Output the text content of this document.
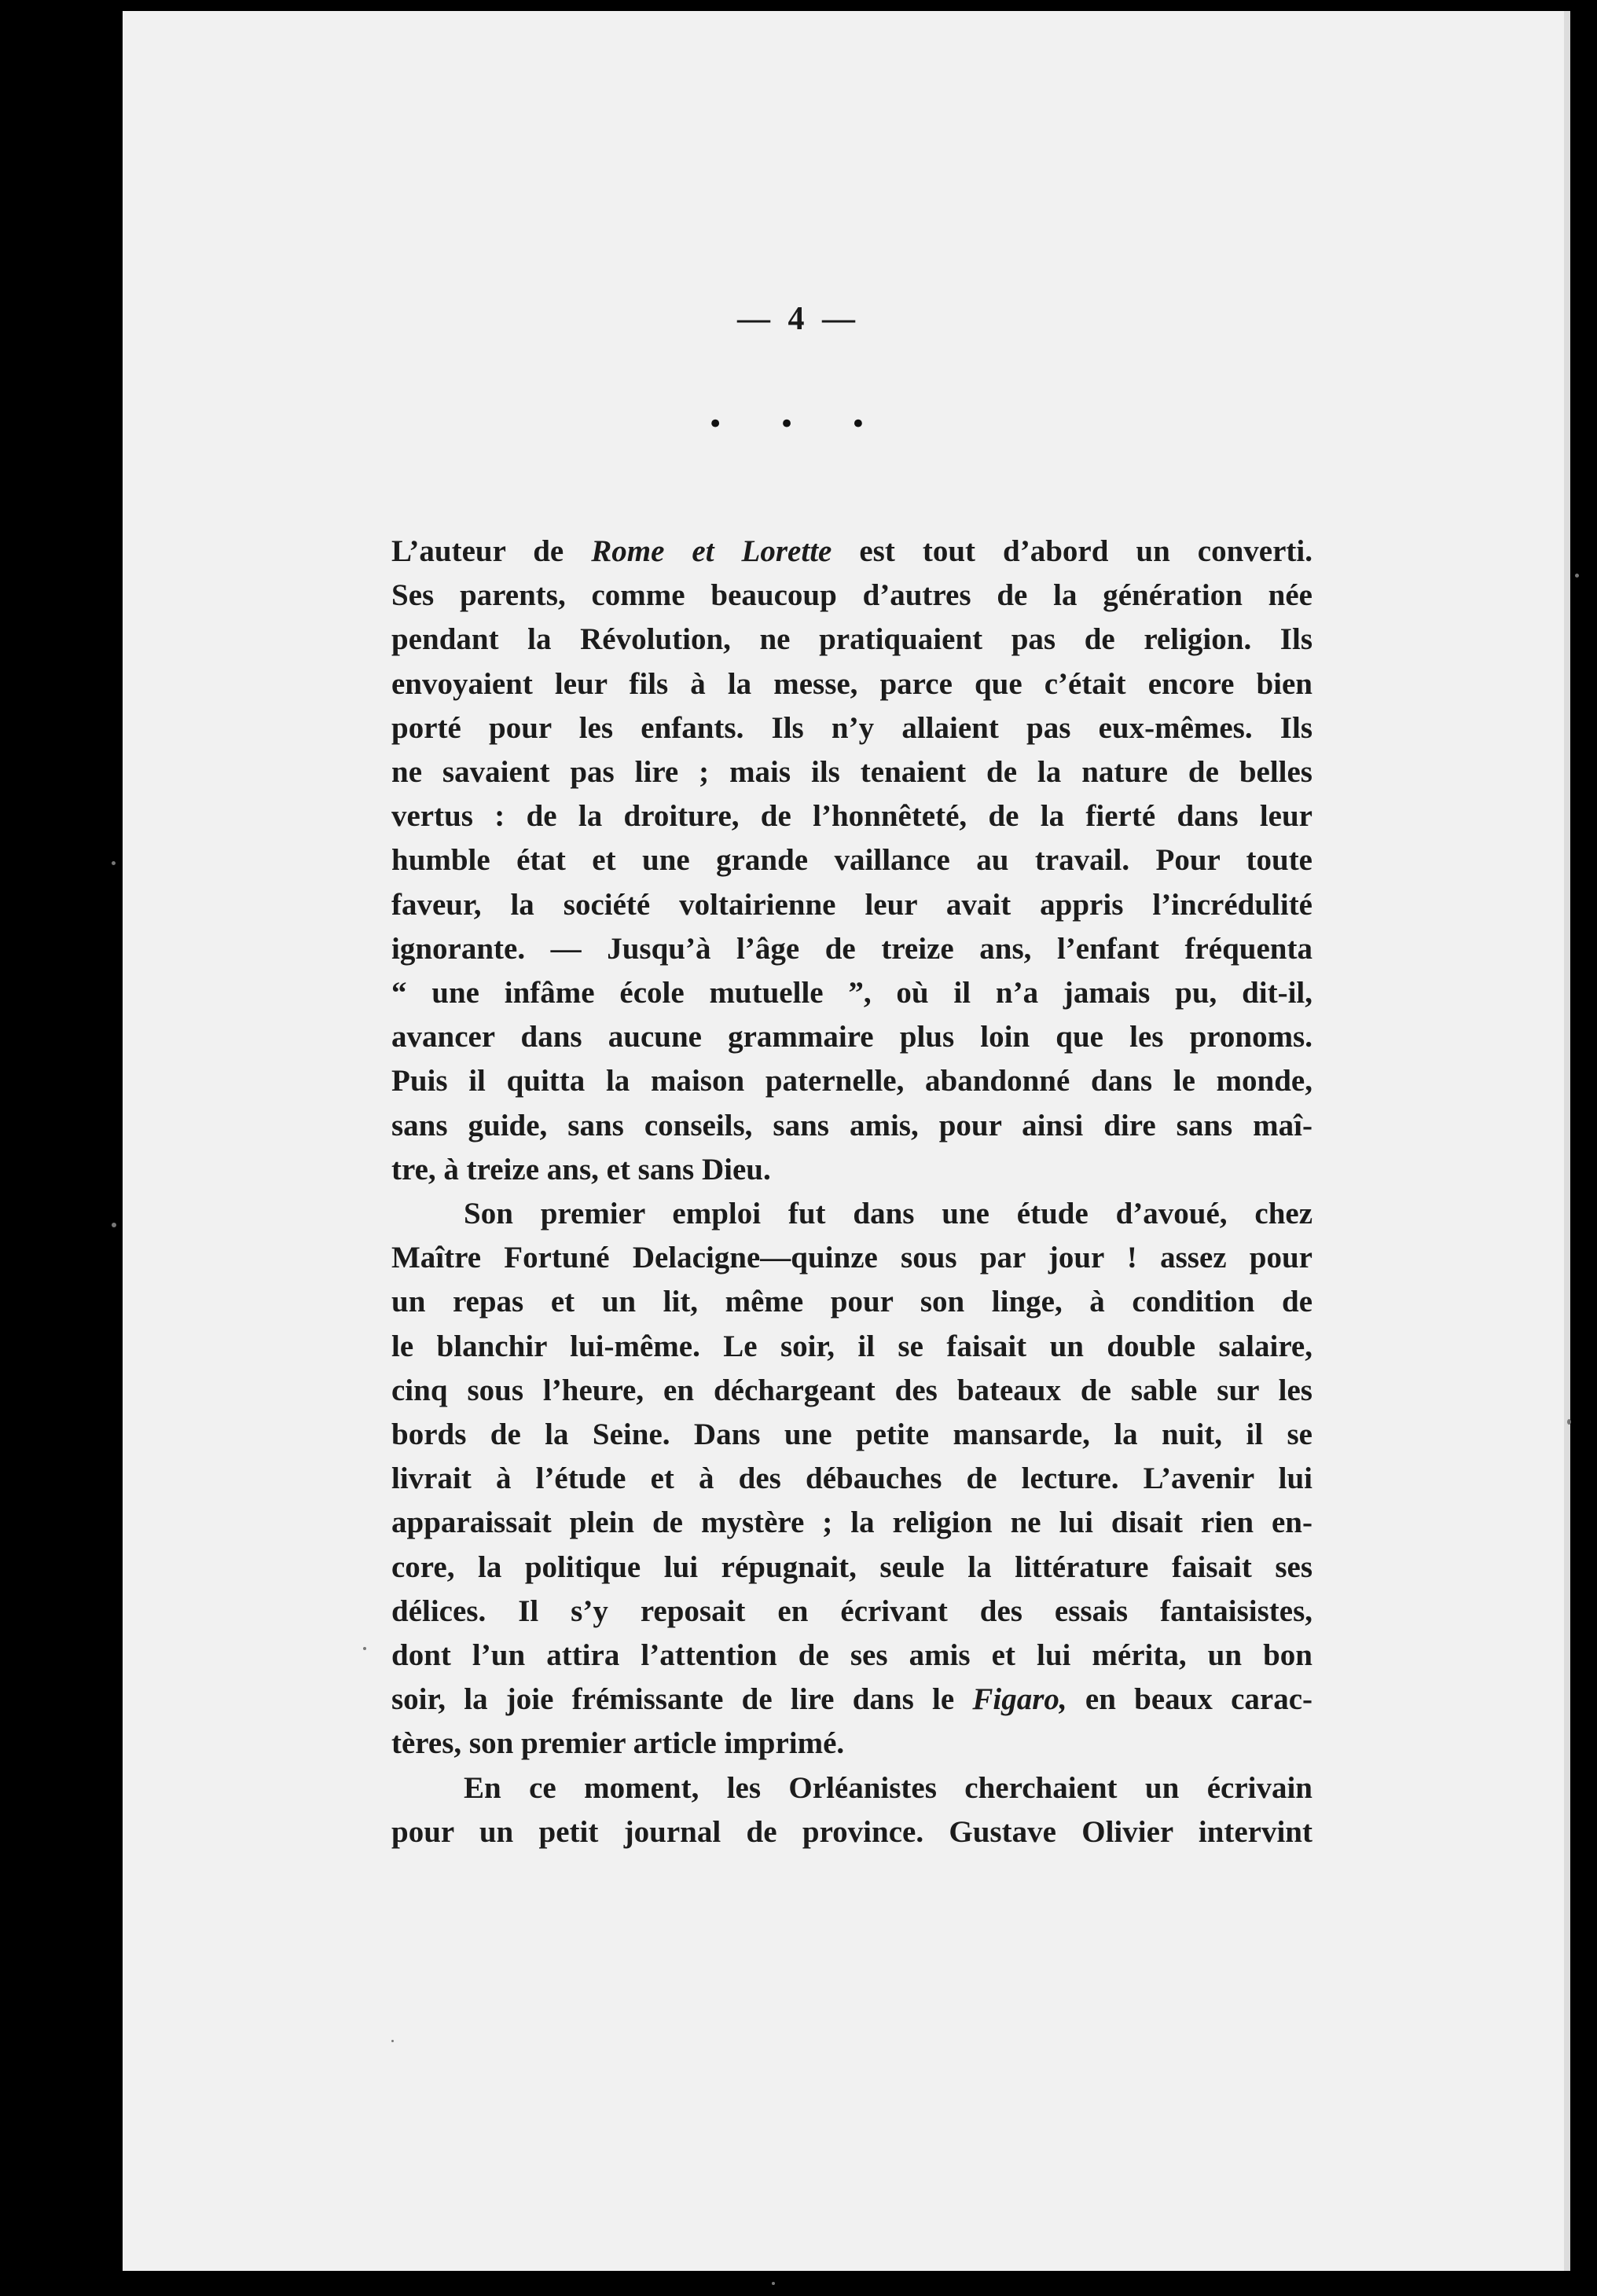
— 4 —
• • •
L’auteur de Rome et Lorette est tout d’abord un converti.
Ses parents, comme beaucoup d’autres de la génération née
pendant la Révolution, ne pratiquaient pas de religion. Ils
envoyaient leur fils à la messe, parce que c’était encore bien
porté pour les enfants. Ils n’y allaient pas eux-mêmes. Ils
ne savaient pas lire ; mais ils tenaient de la nature de belles
vertus : de la droiture, de l’honnêteté, de la fierté dans leur
humble état et une grande vaillance au travail. Pour toute
faveur, la société voltairienne leur avait appris l’incrédulité
ignorante. — Jusqu’à l’âge de treize ans, l’enfant fréquenta
“ une infâme école mutuelle ”, où il n’a jamais pu, dit-il,
avancer dans aucune grammaire plus loin que les pronoms.
Puis il quitta la maison paternelle, abandonné dans le monde,
sans guide, sans conseils, sans amis, pour ainsi dire sans maî-
tre, à treize ans, et sans Dieu.
Son premier emploi fut dans une étude d’avoué, chez
Maître Fortuné Delacigne—quinze sous par jour ! assez pour
un repas et un lit, même pour son linge, à condition de
le blanchir lui-même. Le soir, il se faisait un double salaire,
cinq sous l’heure, en déchargeant des bateaux de sable sur les
bords de la Seine. Dans une petite mansarde, la nuit, il se
livrait à l’étude et à des débauches de lecture. L’avenir lui
apparaissait plein de mystère ; la religion ne lui disait rien en-
core, la politique lui répugnait, seule la littérature faisait ses
délices. Il s’y reposait en écrivant des essais fantaisistes,
dont l’un attira l’attention de ses amis et lui mérita, un bon
soir, la joie frémissante de lire dans le Figaro, en beaux carac-
tères, son premier article imprimé.
En ce moment, les Orléanistes cherchaient un écrivain
pour un petit journal de province. Gustave Olivier intervint
